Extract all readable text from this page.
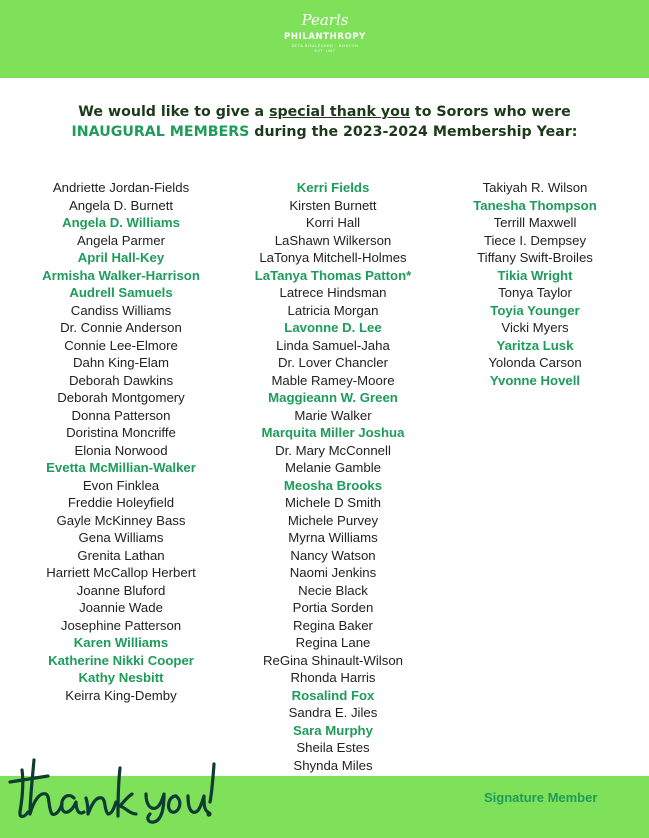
Pearls
PHILANTHROPY
ZETA BOULEVARD · BOSTON
EST. 1987
We would like to give a special thank you to Sorors who were
INAUGURAL MEMBERS during the 2023-2024 Membership Year:
Andriette Jordan-Fields
Angela D. Burnett
Angela D. Williams
Angela Parmer
April Hall-Key
Armisha Walker-Harrison
Audrell Samuels
Candiss Williams
Dr. Connie Anderson
Connie Lee-Elmore
Dahn King-Elam
Deborah Dawkins
Deborah Montgomery
Donna Patterson
Doristina Moncriffe
Elonia Norwood
Evetta McMillian-Walker
Evon Finklea
Freddie Holeyfield
Gayle McKinney Bass
Gena Williams
Grenita Lathan
Harriett McCallop Herbert
Joanne Bluford
Joannie Wade
Josephine Patterson
Karen Williams
Katherine Nikki Cooper
Kathy Nesbitt
Keirra King-Demby
Kerri Fields
Kirsten Burnett
Korri Hall
LaShawn Wilkerson
LaTonya Mitchell-Holmes
LaTanya Thomas Patton*
Latrece Hindsman
Latricia Morgan
Lavonne D. Lee
Linda Samuel-Jaha
Dr. Lover Chancler
Mable Ramey-Moore
Maggieann W. Green
Marie Walker
Marquita Miller Joshua
Dr. Mary McConnell
Melanie Gamble
Meosha Brooks
Michele D Smith
Michele Purvey
Myrna Williams
Nancy Watson
Naomi Jenkins
Necie Black
Portia Sorden
Regina Baker
Regina Lane
ReGina Shinault-Wilson
Rhonda Harris
Rosalind Fox
Sandra E. Jiles
Sara Murphy
Sheila Estes
Shynda Miles
Takiyah R. Wilson
Tanesha Thompson
Terrill Maxwell
Tiece I. Dempsey
Tiffany Swift-Broiles
Tikia Wright
Tonya Taylor
Toyia Younger
Vicki Myers
Yaritza Lusk
Yolonda Carson
Yvonne Hovell
Signature Member
